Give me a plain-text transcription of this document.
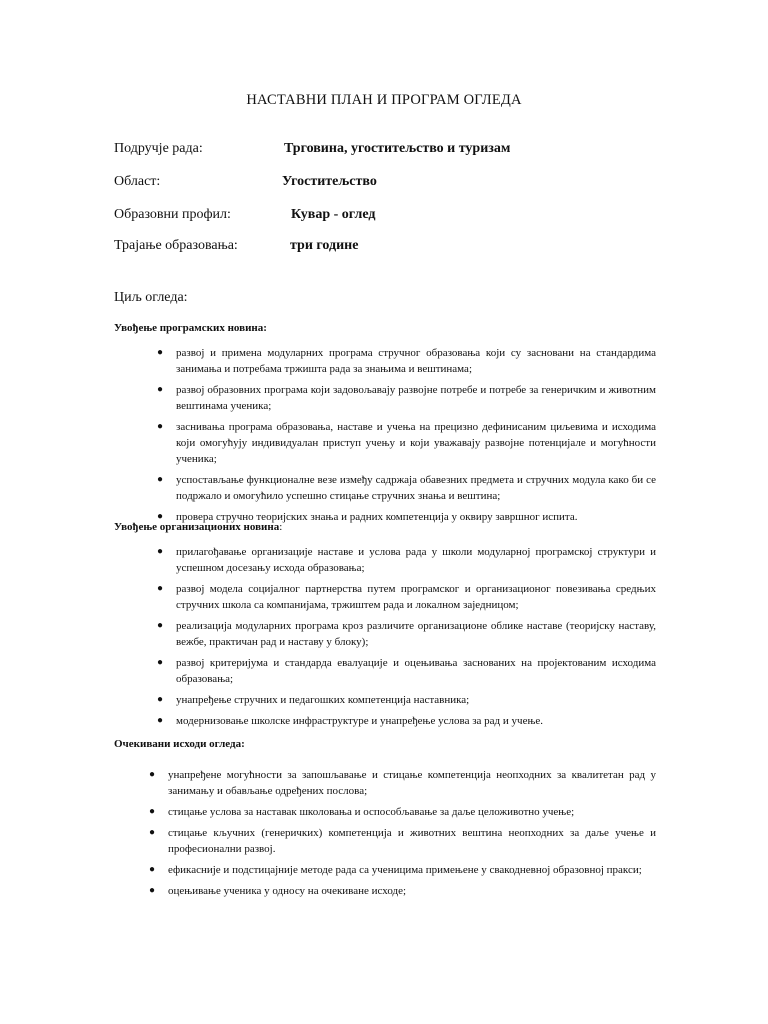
НАСТАВНИ ПЛАН И ПРОГРАМ ОГЛЕДА
Подручје рада:	Трговина, угоститељство и туризам
Област:	Угоститељство
Образовни профил:	Кувар - оглед
Трајање образовања:	три године
Циљ огледа:
Увођење програмских новина:
● развој и примена модуларних програма стручног образовања који су засновани на стандардима занимања и потребама тржишта рада за знањима и вештинама;
● развој образовних програма који задовољавају развојне потребе и потребе за генеричким и животним вештинама ученика;
● заснивања програма образовања, наставе и учења на прецизно дефинисаним циљевима и исходима који омогућују индивидуалан приступ учењу и који уважавају развојне потенцијале и могућности ученика;
● успостављање функционалне везе између садржаја обавезних предмета и стручних модула како би се подржало и омогућило успешно стицање стручних знања и вештина;
● провера стручно теоријских знања и радних компетенција у оквиру завршног испита.
Увођење организационих новина:
● прилагођавање организације наставе и услова рада у школи модуларној програмској структури и успешном досезању исхода образовања;
● развој модела социјалног партнерства путем програмског и организационог повезивања средњих стручних школа са компанијама, тржиштем рада и локалном заједницом;
● реализација модуларних програма кроз различите организационе облике наставе (теоријску наставу, вежбе, практичан рад и наставу у блоку);
● развој критеријума и стандарда евалуације и оцењивања заснованих на пројектованим исходима образовања;
● унапређење стручних и педагошких компетенција наставника;
● модернизовање школске инфраструктуре и унапређење услова за рад и учење.
Очекивани исходи огледа:
● унапређене могућности за запошљавање и стицање компетенција неопходних за квалитетан рад у занимању и обављање одређених послова;
● стицање услова за наставак школовања и оспособљавање за даље целоживотно учење;
● стицање кључних (генеричких) компетенција и животних вештина неопходних за даље учење и професионални развој.
● ефикасније и подстицајније методе рада са ученицима примењене у свакодневној образовној пракси;
● оцењивање ученика у односу на очекиване исходе;
